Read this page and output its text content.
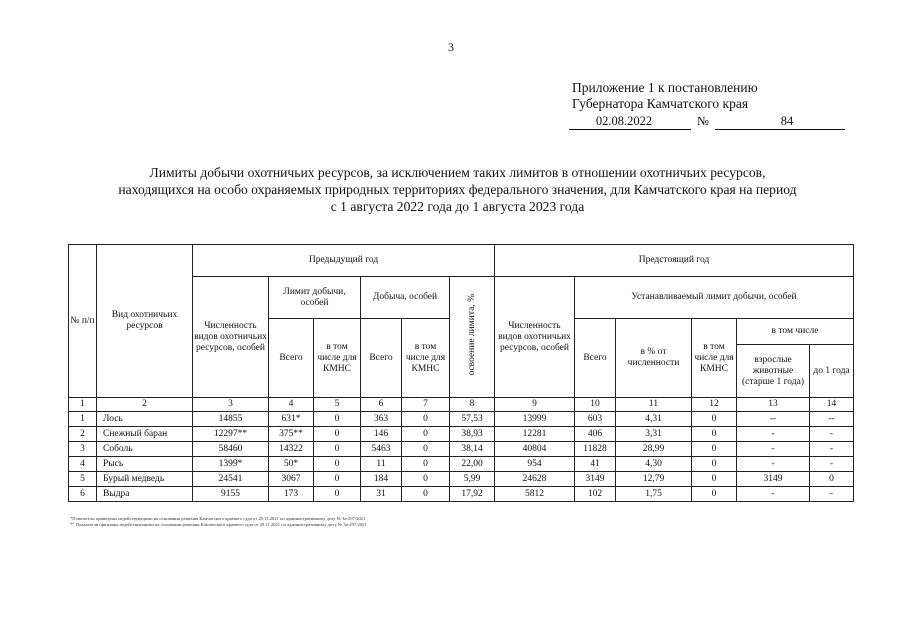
3
Приложение 1 к постановлению
Губернатора Камчатского края
02.08.2022	№	84
Лимиты добычи охотничьих ресурсов, за исключением таких лимитов в отношении охотничьих ресурсов,
находящихся на особо охраняемых природных территориях федерального значения, для Камчатского края на период
с 1 августа 2022 года до 1 августа 2023 года
№ п/п	Вид охотничьих ресурсов	Предыдущий год						Предстоящий год					
		Численность видов охотничьих ресурсов, особей	Лимит добычи, особей		Добыча, особей		освоение лимита, %	Численность видов охотничьих ресурсов, особей	Устанавливаемый лимит добычи, особей				
			Всего	в том числе для КМНС	Всего	в том числе для КМНС			Всего	в % от численности	в том числе для КМНС	в том числе	
												взрослые животные (старше 1 года)	до 1 года
1	2	3	4	5	6	7	8	9	10	11	12	13	14
1	Лось	14855	631*	0	363	0	57,53	13999	603	4,31	0	--	--
2	Снежный баран	12297**	375**	0	146	0	38,93	12281	406	3,31	0	-	-
3	Соболь	58460	14322	0	5463	0	38,14	40804	11828	28,99	0	-	-
4	Рысь	1399*	50*	0	11	0	22,00	954	41	4,30	0	-	-
5	Бурый медведь	24541	3067	0	184	0	5,99	24628	3149	12,79	0	3149	0
6	Выдра	9155	173	0	31	0	17,92	5812	102	1,75	0	-	-
*Показатели приведены недействующими на основании решения Камчатского краевого суда от 29.11.2021 по административному делу № За-297/2021
** Показатели признаны недействующими на основании решения Камчатского краевого суда от 29.11.2021 по административному делу № За-297/2021
